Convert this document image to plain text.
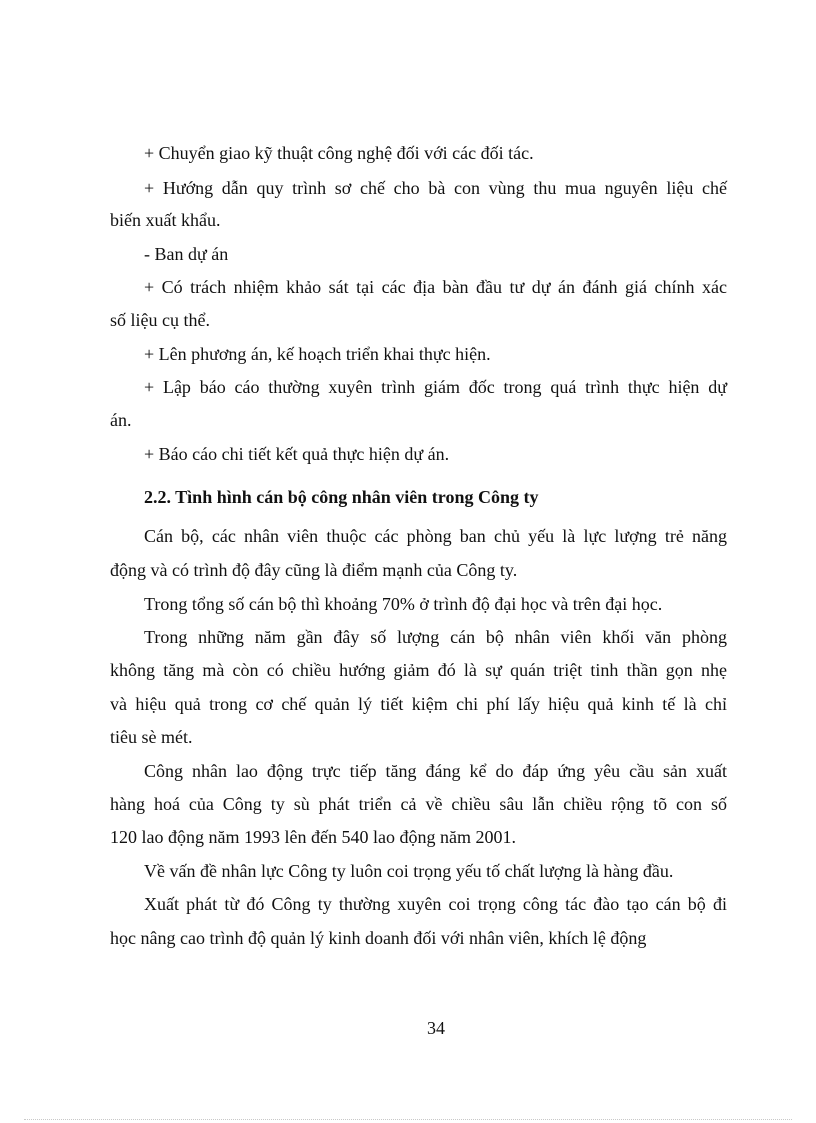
+ Chuyển giao kỹ thuật công nghệ đối với các đối tác.
+ Hướng dẫn quy trình sơ chế cho bà con vùng thu mua nguyên liệu chế
biến xuất khẩu.
- Ban dự án
+ Có trách nhiệm khảo sát tại các địa bàn đầu tư dự án đánh giá chính xác
số liệu cụ thể.
+ Lên phương án, kế hoạch triển khai thực hiện.
+ Lập báo cáo thường xuyên trình giám đốc trong quá trình thực hiện dự
án.
+ Báo cáo chi tiết kết quả thực hiện dự án.
2.2. Tình hình cán bộ công nhân viên trong Công ty
Cán bộ, các nhân viên thuộc các phòng ban chủ yếu là lực lượng trẻ năng
động và có trình độ đây cũng là điểm mạnh của Công ty.
Trong tổng số cán bộ thì khoảng 70% ở trình độ đại học và trên đại học.
Trong những năm gần đây số lượng cán bộ nhân viên khối văn phòng
không tăng mà còn có chiều hướng giảm đó là sự quán triệt tinh thần gọn nhẹ
và hiệu quả trong cơ chế quản lý tiết kiệm chi phí lấy hiệu quả kinh tế là chỉ
tiêu sè mét.
Công nhân lao động trực tiếp tăng đáng kể do đáp ứng yêu cầu sản xuất
hàng hoá của Công ty sù phát triển cả về chiều sâu lẫn chiều rộng tõ con số
120 lao động năm 1993 lên đến 540 lao động năm 2001.
Về vấn đề nhân lực Công ty luôn coi trọng yếu tố chất lượng là hàng đầu.
Xuất phát từ đó Công ty thường xuyên coi trọng công tác đào tạo cán bộ đi
học nâng cao trình độ quản lý kinh doanh đối với nhân viên, khích lệ động
34
